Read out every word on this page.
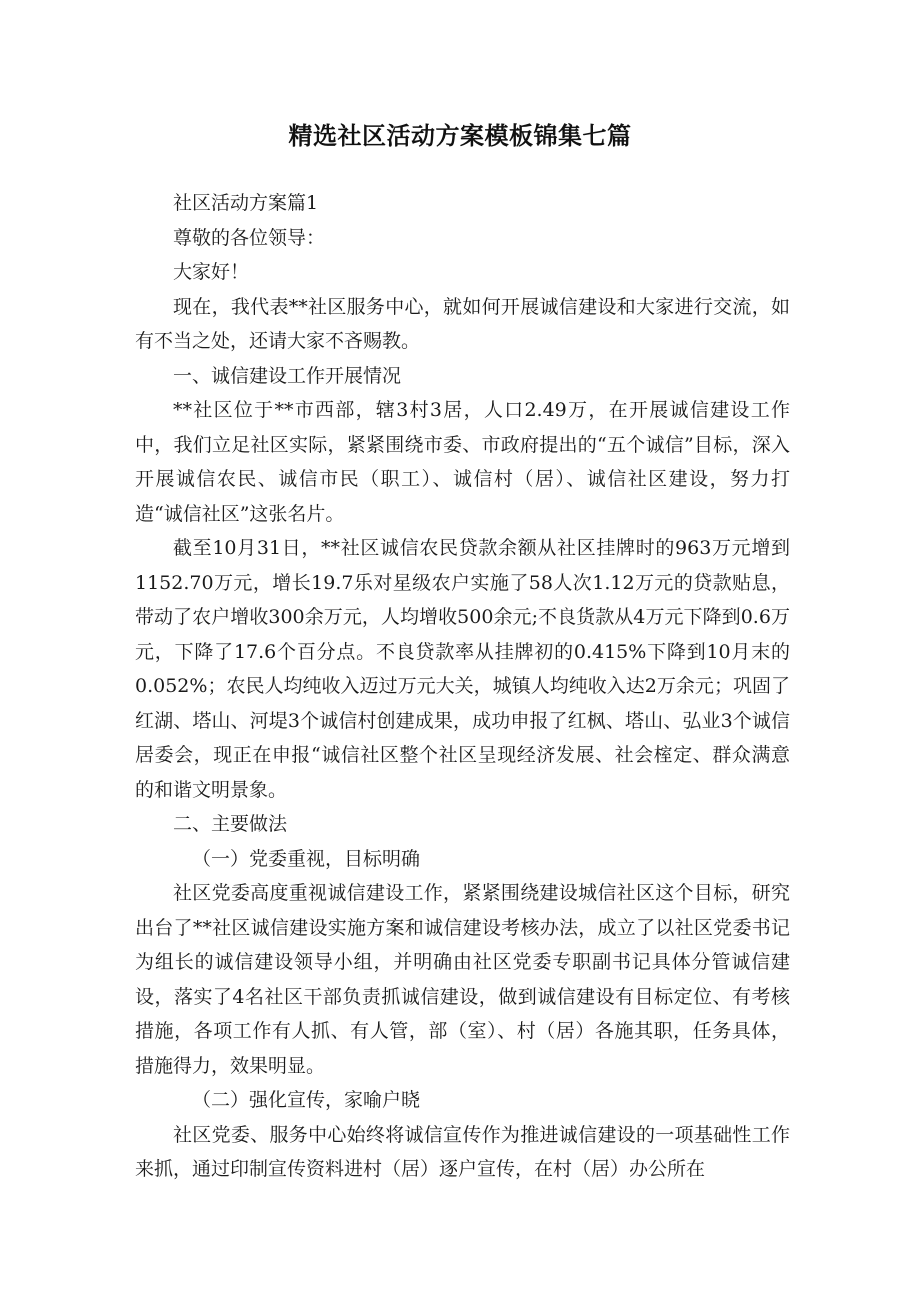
精选社区活动方案模板锦集七篇

社区活动方案篇1

尊敬的各位领导：

大家好！

现在，我代表**社区服务中心，就如何开展诚信建设和大家进行交流，如有不当之处，还请大家不吝赐教。

一、诚信建设工作开展情况

**社区位于**市西部，辖3村3居，人口2.49万，在开展诚信建设工作中，我们立足社区实际，紧紧围绕市委、市政府提出的“五个诚信”目标，深入开展诚信农民、诚信市民（职工）、诚信村（居）、诚信社区建设，努力打造“诚信社区”这张名片。

截至10月31日，**社区诚信农民贷款余额从社区挂牌时的963万元增到1152.70万元，增长19.7乐对星级农户实施了58人次1.12万元的贷款贴息，带动了农户增收300余万元，人均增收500余元;不良货款从4万元下降到0.6万元，下降了17.6个百分点。不良贷款率从挂牌初的0.415%下降到10月末的0.052%；农民人均纯收入迈过万元大关，城镇人均纯收入达2万余元；巩固了红湖、塔山、河堤3个诚信村创建成果，成功申报了红枫、塔山、弘业3个诚信居委会，现正在申报“诚信社区整个社区呈现经济发展、社会榁定、群众满意的和谐文明景象。

二、主要做法

（一）党委重视，目标明确

社区党委高度重视诚信建设工作，紧紧围绕建设城信社区这个目标，研究出台了**社区诚信建设实施方案和诚信建设考核办法，成立了以社区党委书记为组长的诚信建设领导小组，并明确由社区党委专职副书记具体分管诚信建设，落实了4名社区干部负责抓诚信建设，做到诚信建设有目标定位、有考核措施，各项工作有人抓、有人管，部（室）、村（居）各施其职，任务具体，措施得力，效果明显。

（二）强化宣传，家喻户晓

社区党委、服务中心始终将诚信宣传作为推进诚信建设的一项基础性工作来抓，通过印制宣传资料进村（居）逐户宣传，在村（居）办公所在
